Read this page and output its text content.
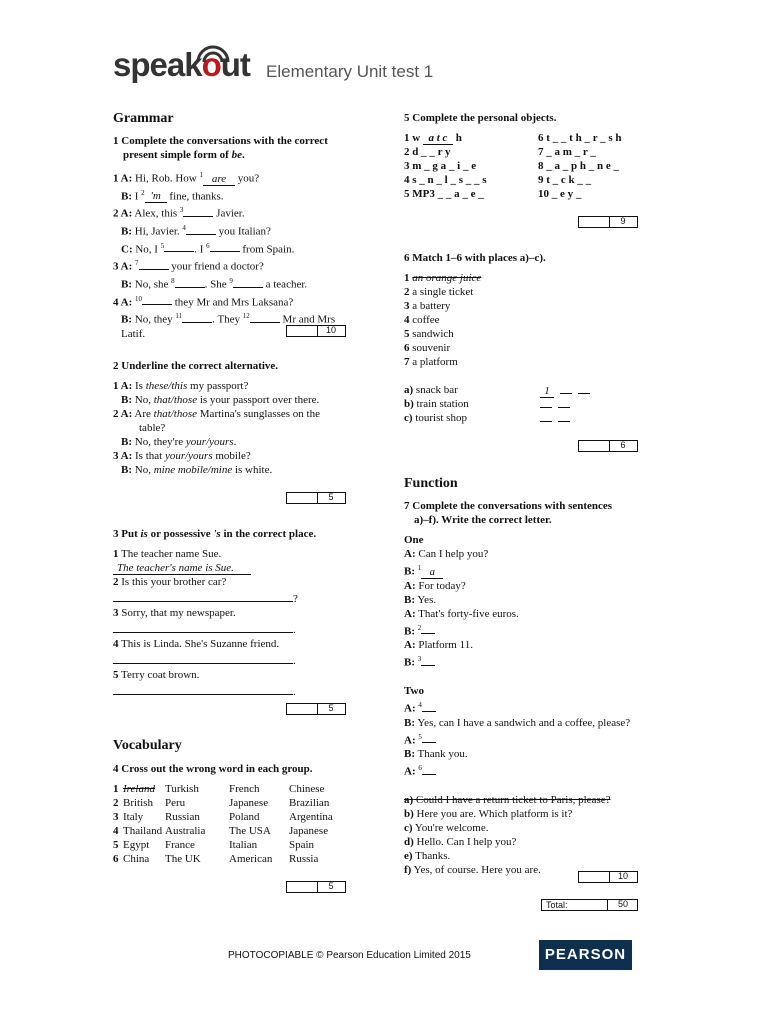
speakout Elementary Unit test 1
Grammar
1 Complete the conversations with the correct
present simple form of be.
1 A: Hi, Rob. How $^1$ are you?
B: I $^2$ 'm fine, thanks.
2 A: Alex, this $^3$	Javier.
B: Hi, Javier. $^4$	you Italian?
C: No, I $^5$	. I $^6$	from Spain.
3 A: $^7$	your friend a doctor?
B: No, she $^8$	. She $^9$	a teacher.
4 A: $^{10}$	they Mr and Mrs Laksana?
B: No, they $^{11}$	. They $^{12}$	Mr and Mrs
Latif.	10
2 Underline the correct alternative.
1 A: Is these/this my passport?
B: No, that/those is your passport over there.
2 A: Are that/those Martina's sunglasses on the
table?
B: No, they're your/yours.
3 A: Is that your/yours mobile?
B: No, mine mobile/mine is white.
5
3 Put is or possessive 's in the correct place.
1 The teacher name Sue.
The teacher's name is Sue.
2 Is this your brother car?
?
3 Sorry, that my newspaper.
.
4 This is Linda. She's Suzanne friend.
.
5 Terry coat brown.
.
5
Vocabulary
4 Cross out the wrong word in each group.
1	Ireland	Turkish	French	Chinese
2	British	Peru	Japanese	Brazilian
3	Italy	Russian	Poland	Argentina
4	Thailand	Australia	The USA	Japanese
5	Egypt	France	Italian	Spain
6	China	The UK	American	Russia
5
5 Complete the personal objects.
1 w a t c h	6 t _ _ t h _ r _ s h
2 d _ _ r y	7 _ a m _ r _
3 m _ g a _ i _ e	8 _ a _ p h _ n e _
4 s _ n _ l _ s _ _ s	9 t _ c k _ _
5 MP3 _ _ a _ e _	10 _ e y _
9
6 Match 1–6 with places a)–c).
1 an orange juice
2 a single ticket
3 a battery
4 coffee
5 sandwich
6 souvenir
7 a platform
a) snack bar	1
b) train station
c) tourist shop
6
Function
7 Complete the conversations with sentences
a)–f). Write the correct letter.
One
A: Can I help you?
B: $^1$ a
A: For today?
B: Yes.
A: That's forty-five euros.
B: $^2$
A: Platform 11.
B: $^3$
Two
A: $^4$
B: Yes, can I have a sandwich and a coffee, please?
A: $^5$
B: Thank you.
A: $^6$
a) Could I have a return ticket to Paris, please?
b) Here you are. Which platform is it?
c) You're welcome.
d) Hello. Can I help you?
e) Thanks.
f) Yes, of course. Here you are.
10
Total:	50
PHOTOCOPIABLE © Pearson Education Limited 2015	PEARSON
